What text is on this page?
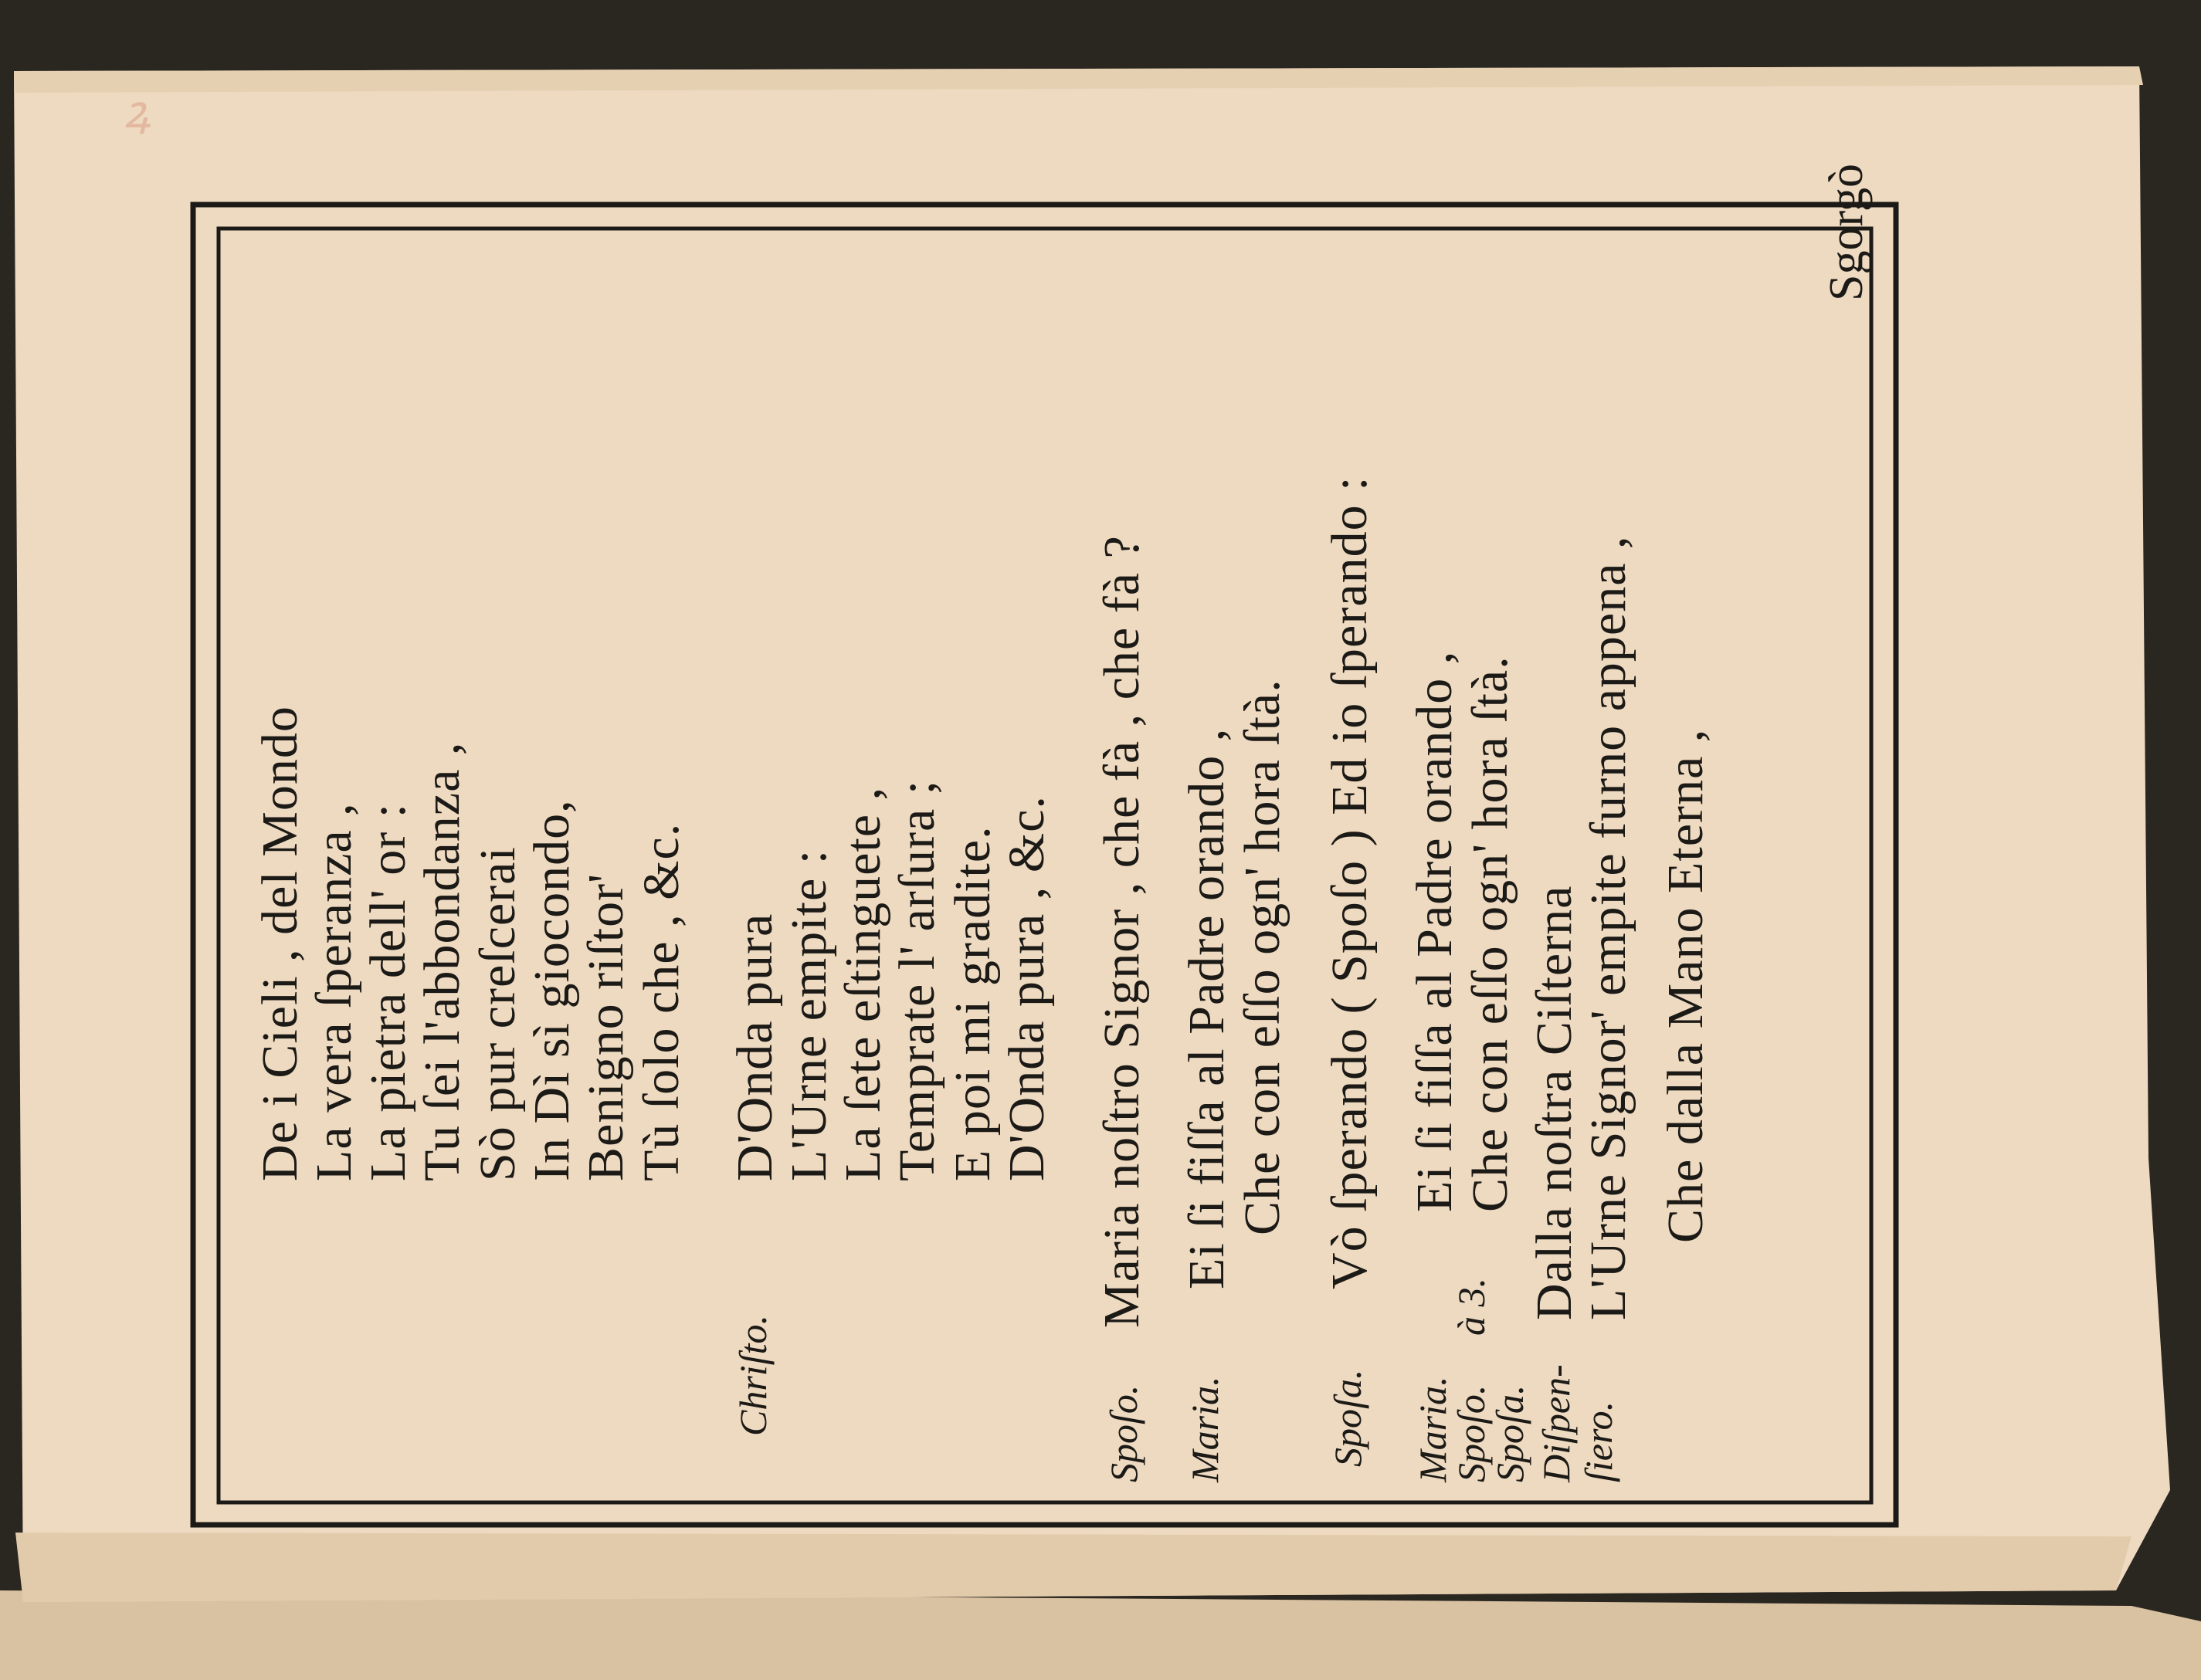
ꝝ
De i Cieli , del Mondo
La vera ſperanza ,
La pietra dell' or :
Tu ſei l'abbondanza , Sò pur creſcerai
In Dì sì giocondo,
Benigno riſtor' Tù ſolo che , &c.
Chriſto.
D'Onda pura
L'Urne empite :
La ſete eſtinguete ,
Temprate l' arſura ; E poi mi gradite.
D'Onda pura , &c.
Spoſo.
Maria noſtro Signor , che fà , che fà ?
Maria.
Ei ſi fiſſa al Padre orando , Che con eſſo ogn' hora ſtà.
Spoſa.
Vò ſperando ( Spoſo ) Ed io ſperando :
Maria.
Spoſo.
Spoſa.
à 3.
Ei ſi fiſſa al Padre orando , Che con eſſo ogn' hora ſtà.
Diſpen- ſiero.
Dalla noſtra Ciſterna
L'Urne Signor' empite furno appena , Che dalla Mano Eterna ,
Sgorgò
